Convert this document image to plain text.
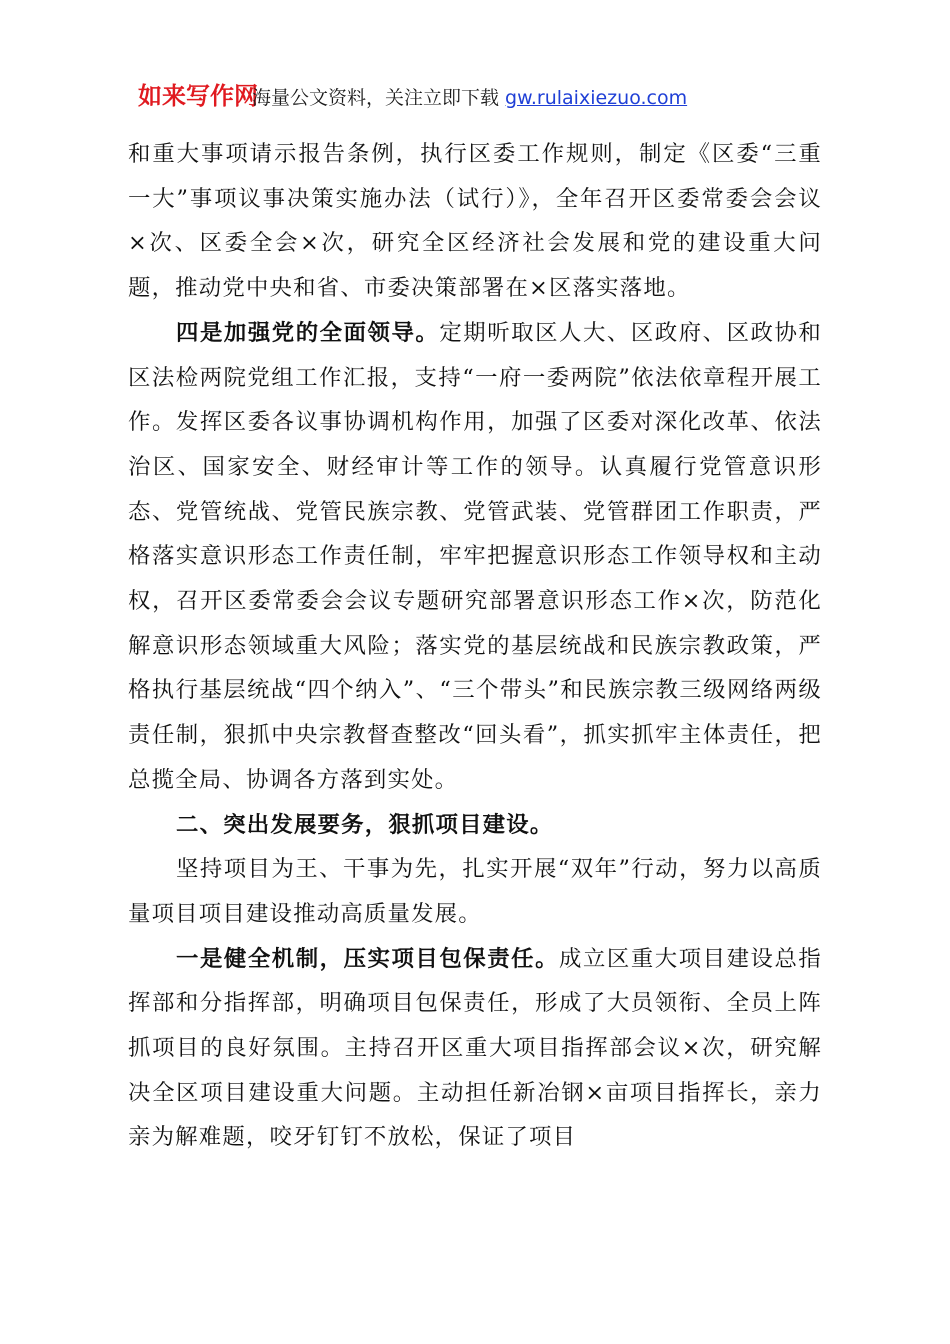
如来写作网
海量公文资料，关注立即下载 gw.rulaixiezuo.com

和重大事项请示报告条例，执行区委工作规则，制定《区委“三重一大”事项议事决策实施办法（试行）》，全年召开区委常委会会议×次、区委全会×次，研究全区经济社会发展和党的建设重大问题，推动党中央和省、市委决策部署在×区落实落地。

四是加强党的全面领导。定期听取区人大、区政府、区政协和区法检两院党组工作汇报，支持“一府一委两院”依法依章程开展工作。发挥区委各议事协调机构作用，加强了区委对深化改革、依法治区、国家安全、财经审计等工作的领导。认真履行党管意识形态、党管统战、党管民族宗教、党管武装、党管群团工作职责，严格落实意识形态工作责任制，牢牢把握意识形态工作领导权和主动权，召开区委常委会会议专题研究部署意识形态工作×次，防范化解意识形态领域重大风险；落实党的基层统战和民族宗教政策，严格执行基层统战“四个纳入”、“三个带头”和民族宗教三级网络两级责任制，狠抓中央宗教督查整改“回头看”，抓实抓牢主体责任，把总揽全局、协调各方落到实处。

二、突出发展要务，狠抓项目建设。

坚持项目为王、干事为先，扎实开展“双年”行动，努力以高质量项目项目建设推动高质量发展。

一是健全机制，压实项目包保责任。成立区重大项目建设总指挥部和分指挥部，明确项目包保责任，形成了大员领衔、全员上阵抓项目的良好氛围。主持召开区重大项目指挥部会议×次，研究解决全区项目建设重大问题。主动担任新冶钢×亩项目指挥长，亲力亲为解难题，咬牙钉钉不放松，保证了项目
